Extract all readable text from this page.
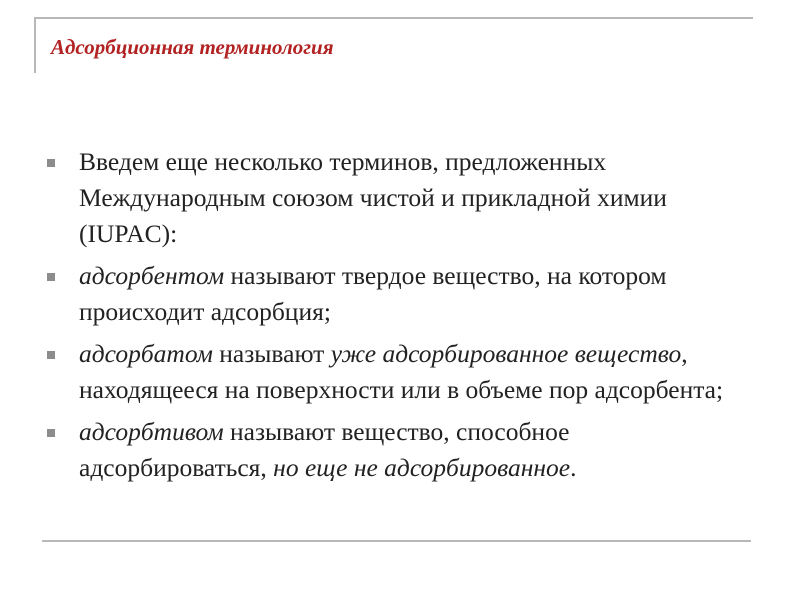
Адсорбционная терминология
Введем еще несколько терминов, предложенных Международным союзом чистой и прикладной химии (IUPAC):
адсорбентом называют твердое вещество, на котором происходит адсорбция;
адсорбатом называют уже адсорбированное вещество, находящееся на поверхности или в объеме пор адсорбента;
адсорбтивом называют вещество, способное адсорбироваться, но еще не адсорбированное.
